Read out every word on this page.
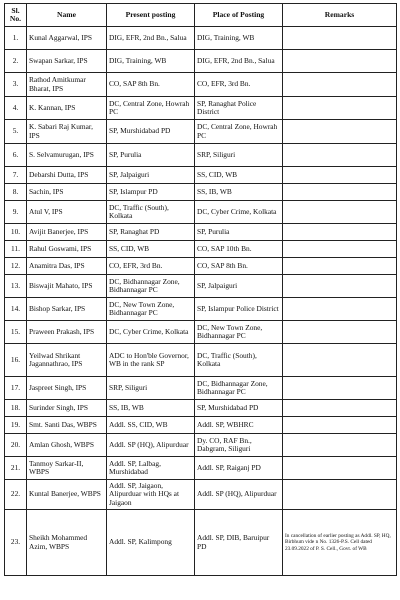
Sl. No.	Name	Present posting	Place of Posting	Remarks
1.	Kunal Aggarwal, IPS	DIG, EFR, 2nd Bn., Salua	DIG, Training, WB	
2.	Swapan Sarkar, IPS	DIG, Training, WB	DIG, EFR, 2nd Bn., Salua	
3.	Rathod Amitkumar Bharat, IPS	CO, SAP 8th Bn.	CO, EFR, 3rd Bn.	
4.	K. Kannan, IPS	DC, Central Zone, Howrah PC	SP, Ranaghat Police District	
5.	K. Sabari Raj Kumar, IPS	SP, Murshidabad PD	DC, Central Zone, Howrah PC	
6.	S. Selvamurugan, IPS	SP, Purulia	SRP, Siliguri	
7.	Debarshi Dutta, IPS	SP, Jalpaiguri	SS, CID, WB	
8.	Sachin, IPS	SP, Islampur PD	SS, IB, WB	
9.	Atul V, IPS	DC, Traffic (South), Kolkata	DC, Cyber Crime, Kolkata	
10.	Avijit Banerjee, IPS	SP, Ranaghat PD	SP, Purulia	
11.	Rahul Goswami, IPS	SS, CID, WB	CO, SAP 10th Bn.	
12.	Anamitra Das, IPS	CO, EFR, 3rd Bn.	CO, SAP 8th Bn.	
13.	Biswajit Mahato, IPS	DC, Bidhannagar Zone, Bidhannagar PC	SP, Jalpaiguri	
14.	Bishop Sarkar, IPS	DC, New Town Zone, Bidhannagar PC	SP, Islampur Police District	
15.	Praween Prakash, IPS	DC, Cyber Crime, Kolkata	DC, New Town Zone, Bidhannagar PC	
16.	Yeilwad Shrikant Jagannathrao, IPS	ADC to Hon'ble Governor, WB in the rank SP	DC, Traffic (South), Kolkata	
17.	Jaspreet Singh, IPS	SRP, Siliguri	DC, Bidhannagar Zone, Bidhannagar PC	
18.	Surinder Singh, IPS	SS, IB, WB	SP, Murshidabad PD	
19.	Smt. Santi Das, WBPS	Addl. SS, CID, WB	Addl. SP, WBHRC	
20.	Amlan Ghosh, WBPS	Addl. SP (HQ), Alipurduar	Dy. CO, RAF Bn., Dabgram, Siliguri	
21.	Tanmoy Sarkar-II, WBPS	Addl. SP, Lalbag, Murshidabad	Addl. SP, Raiganj PD	
22.	Kuntal Banerjee, WBPS	Addl. SP, Jaigaon, Alipurduar with HQs at Jaigaon	Addl. SP (HQ), Alipurduar	
23.	Sheikh Mohammed Azim, WBPS	Addl. SP, Kalimpong	Addl. SP, DIB, Baruipur PD	In cancellation of earlier posting as Addl. SP, HQ, Birbhum vide n No. 1326-P.S. Cell dated 23.09.2022 of P. S. Cell., Govt. of WB
